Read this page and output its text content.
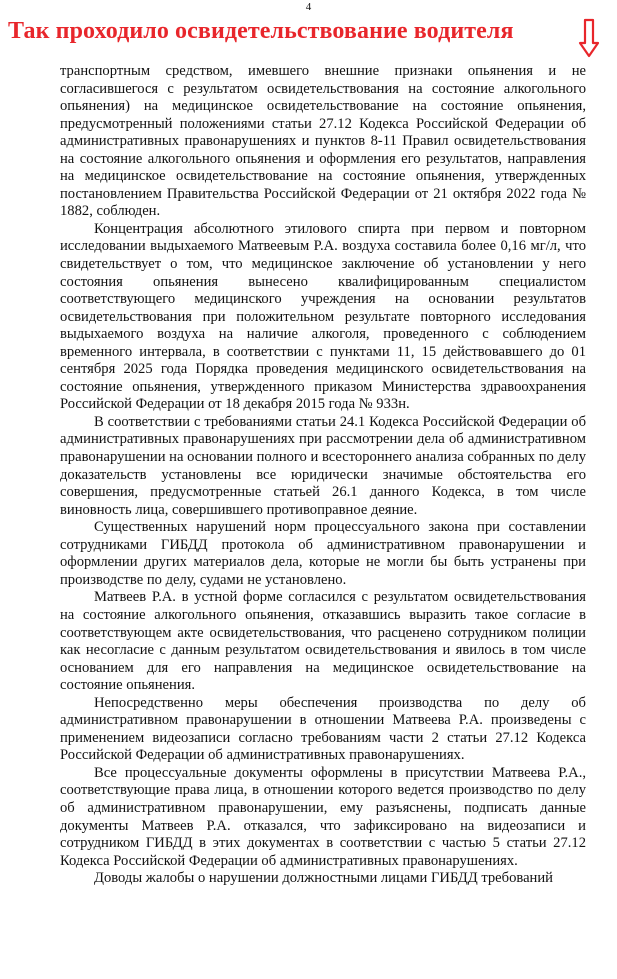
4
Так проходило освидетельствование водителя

транспортным средством, имевшего внешние признаки опьянения и не согласившегося с результатом освидетельствования на состояние алкогольного опьянения) на медицинское освидетельствование на состояние опьянения, предусмотренный положениями статьи 27.12 Кодекса Российской Федерации об административных правонарушениях и пунктов 8-11 Правил освидетельствования на состояние алкогольного опьянения и оформления его результатов, направления на медицинское освидетельствование на состояние опьянения, утвержденных постановлением Правительства Российской Федерации от 21 октября 2022 года № 1882, соблюден.

Концентрация абсолютного этилового спирта при первом и повторном исследовании выдыхаемого Матвеевым Р.А. воздуха составила более 0,16 мг/л, что свидетельствует о том, что медицинское заключение об установлении у него состояния опьянения вынесено квалифицированным специалистом соответствующего медицинского учреждения на основании результатов освидетельствования при положительном результате повторного исследования выдыхаемого воздуха на наличие алкоголя, проведенного с соблюдением временного интервала, в соответствии с пунктами 11, 15 действовавшего до 01 сентября 2025 года Порядка проведения медицинского освидетельствования на состояние опьянения, утвержденного приказом Министерства здравоохранения Российской Федерации от 18 декабря 2015 года № 933н.

В соответствии с требованиями статьи 24.1 Кодекса Российской Федерации об административных правонарушениях при рассмотрении дела об административном правонарушении на основании полного и всестороннего анализа собранных по делу доказательств установлены все юридически значимые обстоятельства его совершения, предусмотренные статьей 26.1 данного Кодекса, в том числе виновность лица, совершившего противоправное деяние.

Существенных нарушений норм процессуального закона при составлении сотрудниками ГИБДД протокола об административном правонарушении и оформлении других материалов дела, которые не могли бы быть устранены при производстве по делу, судами не установлено.

Матвеев Р.А. в устной форме согласился с результатом освидетельствования на состояние алкогольного опьянения, отказавшись выразить такое согласие в соответствующем акте освидетельствования, что расценено сотрудником полиции как несогласие с данным результатом освидетельствования и явилось в том числе основанием для его направления на медицинское освидетельствование на состояние опьянения.

Непосредственно меры обеспечения производства по делу об административном правонарушении в отношении Матвеева Р.А. произведены с применением видеозаписи согласно требованиям части 2 статьи 27.12 Кодекса Российской Федерации об административных правонарушениях.

Все процессуальные документы оформлены в присутствии Матвеева Р.А., соответствующие права лица, в отношении которого ведется производство по делу об административном правонарушении, ему разъяснены, подписать данные документы Матвеев Р.А. отказался, что зафиксировано на видеозаписи и сотрудником ГИБДД в этих документах в соответствии с частью 5 статьи 27.12 Кодекса Российской Федерации об административных правонарушениях.

Доводы жалобы о нарушении должностными лицами ГИБДД требований
